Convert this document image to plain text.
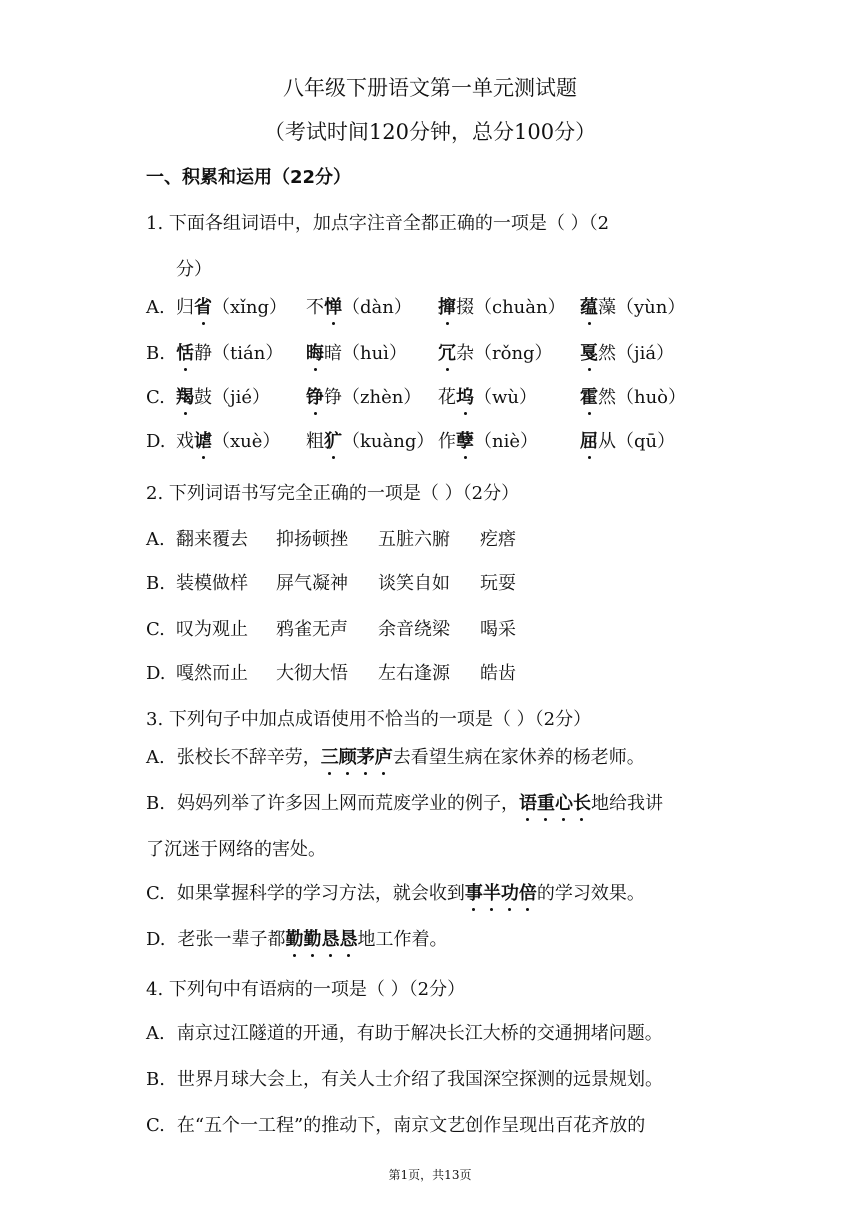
八年级下册语文第一单元测试题
（考试时间120分钟，总分100分）
一、积累和运用（22分）
1. 下面各组词语中，加点字注音全都正确的一项是（ ）（2
分）
A. 归省（xǐng） 不惮（dàn） 撺掇（chuàn） 蕴藻（yùn）
B. 恬静（tián） 晦暗（huì） 冗杂（rǒng） 戛然（jiá）
C. 羯鼓（jié） 铮铮（zhèn） 花坞（wù） 霍然（huò）
D. 戏谑（xuè） 粗犷（kuàng） 作孽（niè） 屈从（qū）
2. 下列词语书写完全正确的一项是（ ）（2分）
A. 翻来覆去 抑扬顿挫 五脏六腑 疙瘩
B. 装模做样 屏气凝神 谈笑自如 玩耍
C. 叹为观止 鸦雀无声 余音绕梁 喝采
D. 嘎然而止 大彻大悟 左右逢源 皓齿
3. 下列句子中加点成语使用不恰当的一项是（ ）（2分）
A. 张校长不辞辛劳，三顾茅庐去看望生病在家休养的杨老师。
B. 妈妈列举了许多因上网而荒废学业的例子，语重心长地给我讲
了沉迷于网络的害处。
C. 如果掌握科学的学习方法，就会收到事半功倍的学习效果。
D. 老张一辈子都勤勤恳恳地工作着。
4. 下列句中有语病的一项是（ ）（2分）
A. 南京过江隧道的开通，有助于解决长江大桥的交通拥堵问题。
B. 世界月球大会上，有关人士介绍了我国深空探测的远景规划。
C. 在“五个一工程”的推动下，南京文艺创作呈现出百花齐放的
第1页，共13页
